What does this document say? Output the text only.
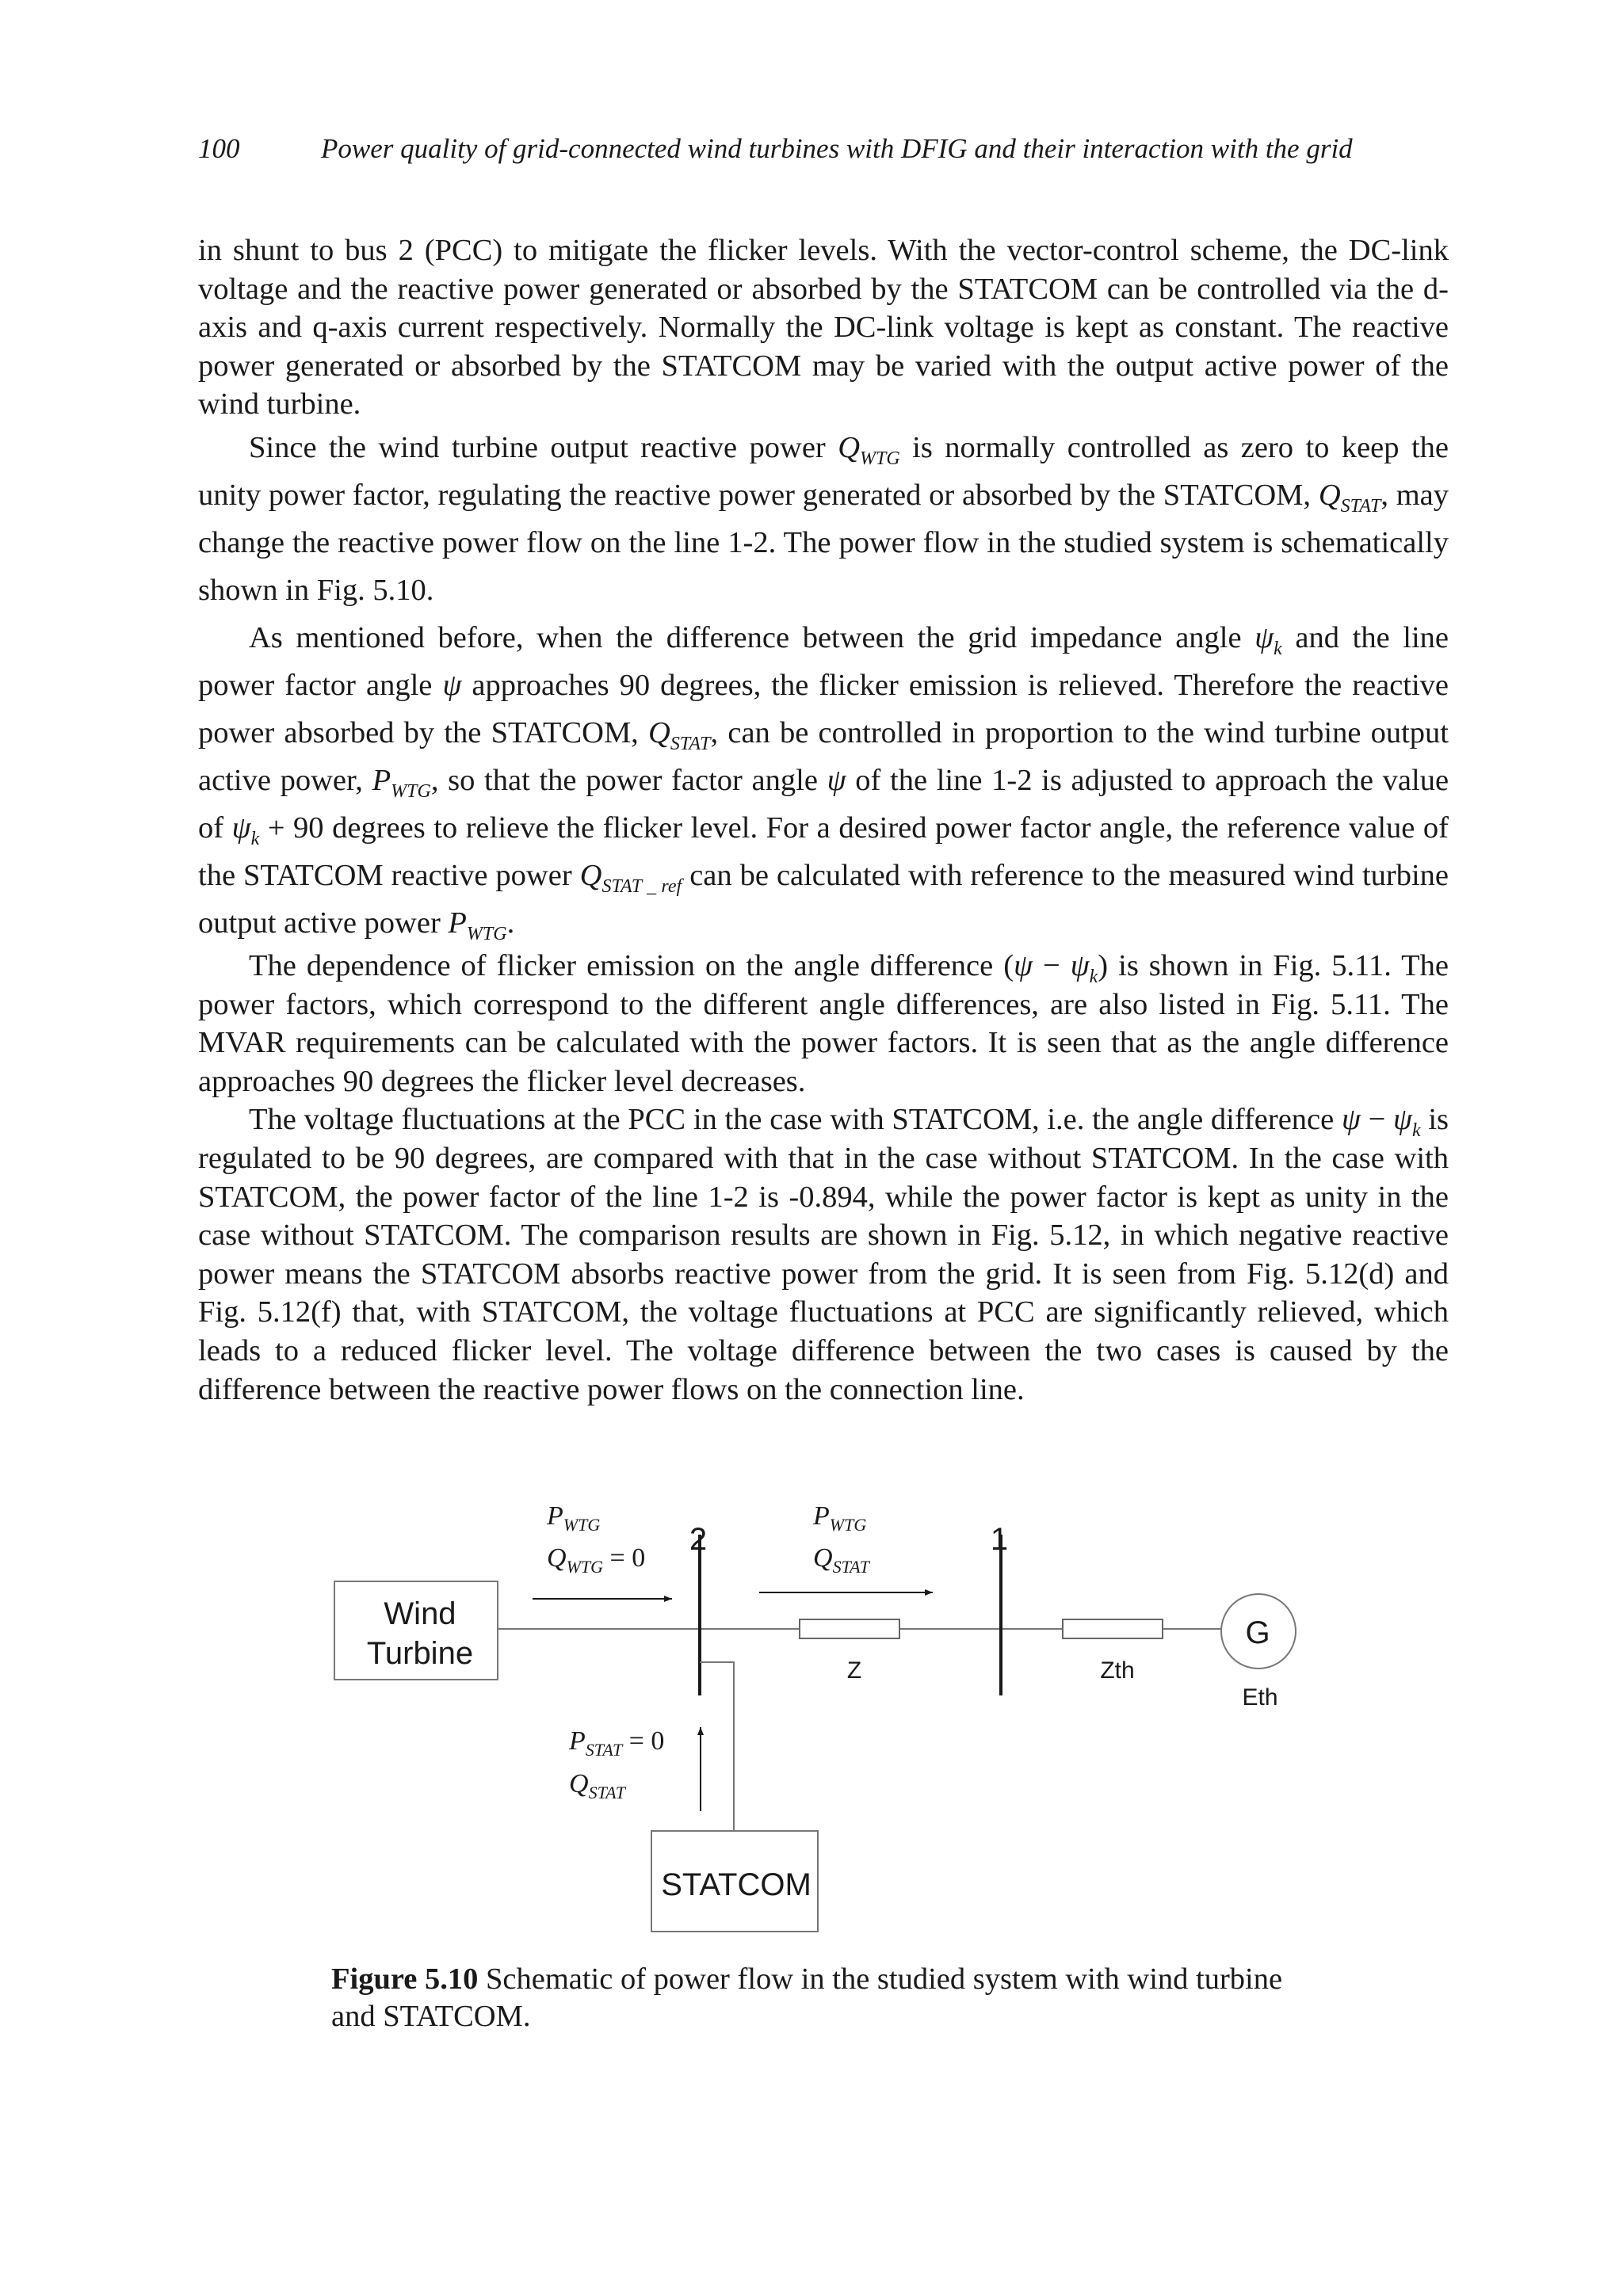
100	Power quality of grid-connected wind turbines with DFIG and their interaction with the grid

in shunt to bus 2 (PCC) to mitigate the flicker levels. With the vector-control scheme, the DC-link voltage and the reactive power generated or absorbed by the STATCOM can be controlled via the d-axis and q-axis current respectively. Normally the DC-link voltage is kept as constant. The reactive power generated or absorbed by the STATCOM may be varied with the output active power of the wind turbine.

Since the wind turbine output reactive power $Q_{WTG}$ is normally controlled as zero to keep the unity power factor, regulating the reactive power generated or absorbed by the STATCOM, $Q_{STAT}$, may change the reactive power flow on the line 1-2. The power flow in the studied system is schematically shown in Fig. 5.10.

As mentioned before, when the difference between the grid impedance angle $\psi_k$ and the line power factor angle ψ approaches 90 degrees, the flicker emission is relieved. Therefore the reactive power absorbed by the STATCOM, $Q_{STAT}$, can be controlled in proportion to the wind turbine output active power, $P_{WTG}$, so that the power factor angle ψ of the line 1-2 is adjusted to approach the value of $\psi_k + 90$ degrees to relieve the flicker level. For a desired power factor angle, the reference value of the STATCOM reactive power $Q_{STAT \_ ref}$ can be calculated with reference to the measured wind turbine output active power $P_{WTG}$.

The dependence of flicker emission on the angle difference $(\psi - \psi_k)$ is shown in Fig. 5.11. The power factors, which correspond to the different angle differences, are also listed in Fig. 5.11. The MVAR requirements can be calculated with the power factors. It is seen that as the angle difference approaches 90 degrees the flicker level decreases.

The voltage fluctuations at the PCC in the case with STATCOM, i.e. the angle difference $\psi - \psi_k$ is regulated to be 90 degrees, are compared with that in the case without STATCOM. In the case with STATCOM, the power factor of the line 1-2 is -0.894, while the power factor is kept as unity in the case without STATCOM. The comparison results are shown in Fig. 5.12, in which negative reactive power means the STATCOM absorbs reactive power from the grid. It is seen from Fig. 5.12(d) and Fig. 5.12(f) that, with STATCOM, the voltage fluctuations at PCC are significantly relieved, which leads to a reduced flicker level. The voltage difference between the two cases is caused by the difference between the reactive power flows on the connection line.

Wind
Turbine
2	1
G
STATCOM
Z	Zth
Eth
$P_{WTG}$
$Q_{WTG} = 0$
$P_{WTG}$
$Q_{STAT}$
$P_{STAT} = 0$
$Q_{STAT}$

Figure 5.10 Schematic of power flow in the studied system with wind turbine and STATCOM.
